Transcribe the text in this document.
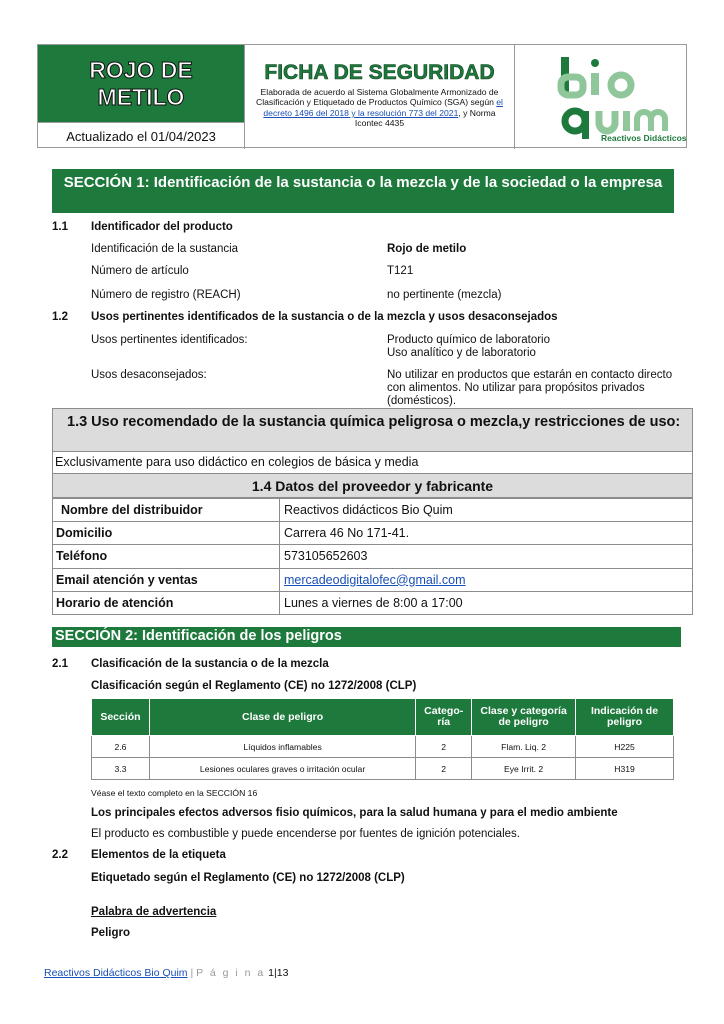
ROJO DE METILO
Actualizado el 01/04/2023
FICHA DE SEGURIDAD
Elaborada de acuerdo al Sistema Globalmente Armonizado de Clasificación y Etiquetado de Productos Químico (SGA) según el decreto 1496 del 2018 y la resolución 773 del 2021, y Norma Icontec 4435
Reactivos Didácticos
SECCIÓN 1: Identificación de la sustancia o la mezcla y de la sociedad o la empresa
1.1 Identificador del producto
Identificación de la sustancia	Rojo de metilo
Número de artículo	T121
Número de registro (REACH)	no pertinente (mezcla)
1.2 Usos pertinentes identificados de la sustancia o de la mezcla y usos desaconsejados
Usos pertinentes identificados:	Producto químico de laboratorio
Uso analítico y de laboratorio
Usos desaconsejados:	No utilizar en productos que estarán en contacto directo con alimentos. No utilizar para propósitos privados (domésticos).
1.3 Uso recomendado de la sustancia química peligrosa o mezcla,y restricciones de uso:
Exclusivamente para uso didáctico en colegios de básica y media
1.4 Datos del proveedor y fabricante
Nombre del distribuidor	Reactivos didácticos Bio Quim
Domicilio	Carrera 46 No 171-41.
Teléfono	573105652603
Email atención y ventas	mercadeodigitalofec@gmail.com
Horario de atención	Lunes a viernes de 8:00 a 17:00
SECCIÓN 2: Identificación de los peligros
2.1 Clasificación de la sustancia o de la mezcla
Clasificación según el Reglamento (CE) no 1272/2008 (CLP)
Sección	Clase de peligro	Catego-ría	Clase y categoría de peligro	Indicación de peligro
2.6	Líquidos inflamables	2	Flam. Liq. 2	H225
3.3	Lesiones oculares graves o irritación ocular	2	Eye Irrit. 2	H319
Véase el texto completo en la SECCIÓN 16
Los principales efectos adversos fisio químicos, para la salud humana y para el medio ambiente
El producto es combustible y puede encenderse por fuentes de ignición potenciales.
2.2 Elementos de la etiqueta
Etiquetado según el Reglamento (CE) no 1272/2008 (CLP)
Palabra de advertencia
Peligro
Reactivos Didácticos Bio Quim | P á g i n a 1|13
